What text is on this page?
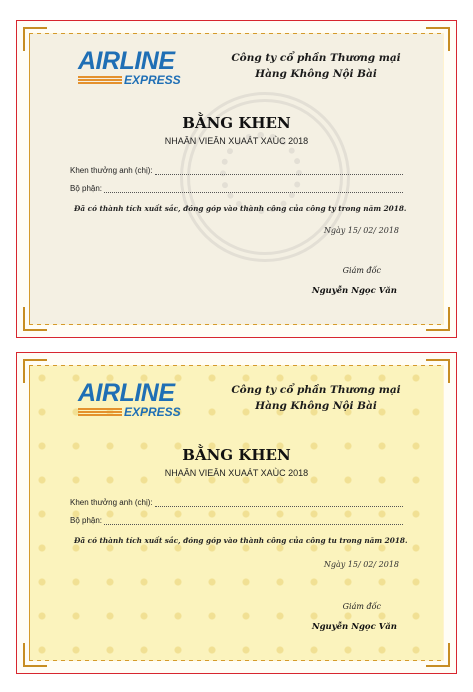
AIRLINE
EXPRESS
Công ty cổ phần Thương mại
Hàng Không Nội Bài
BẰNG KHEN
NHAÂN VIEÂN XUAÁT XAÙC 2018
Khen thưởng anh (chị):
Bộ phận:
Đã có thành tích xuất sắc, đóng góp vào thành công của công ty trong năm 2018.
Ngày 15/ 02/ 2018
Giám đốc
Nguyễn Ngọc Văn
AIRLINE
EXPRESS
Công ty cổ phần Thương mại
Hàng Không Nội Bài
BẰNG KHEN
NHAÂN VIEÂN XUAÁT XAÙC 2018
Khen thưởng anh (chị):
Bộ phận:
Đã có thành tích xuất sắc, đóng góp vào thành công của công tu trong năm 2018.
Ngày 15/ 02/ 2018
Giám đốc
Nguyễn Ngọc Văn
